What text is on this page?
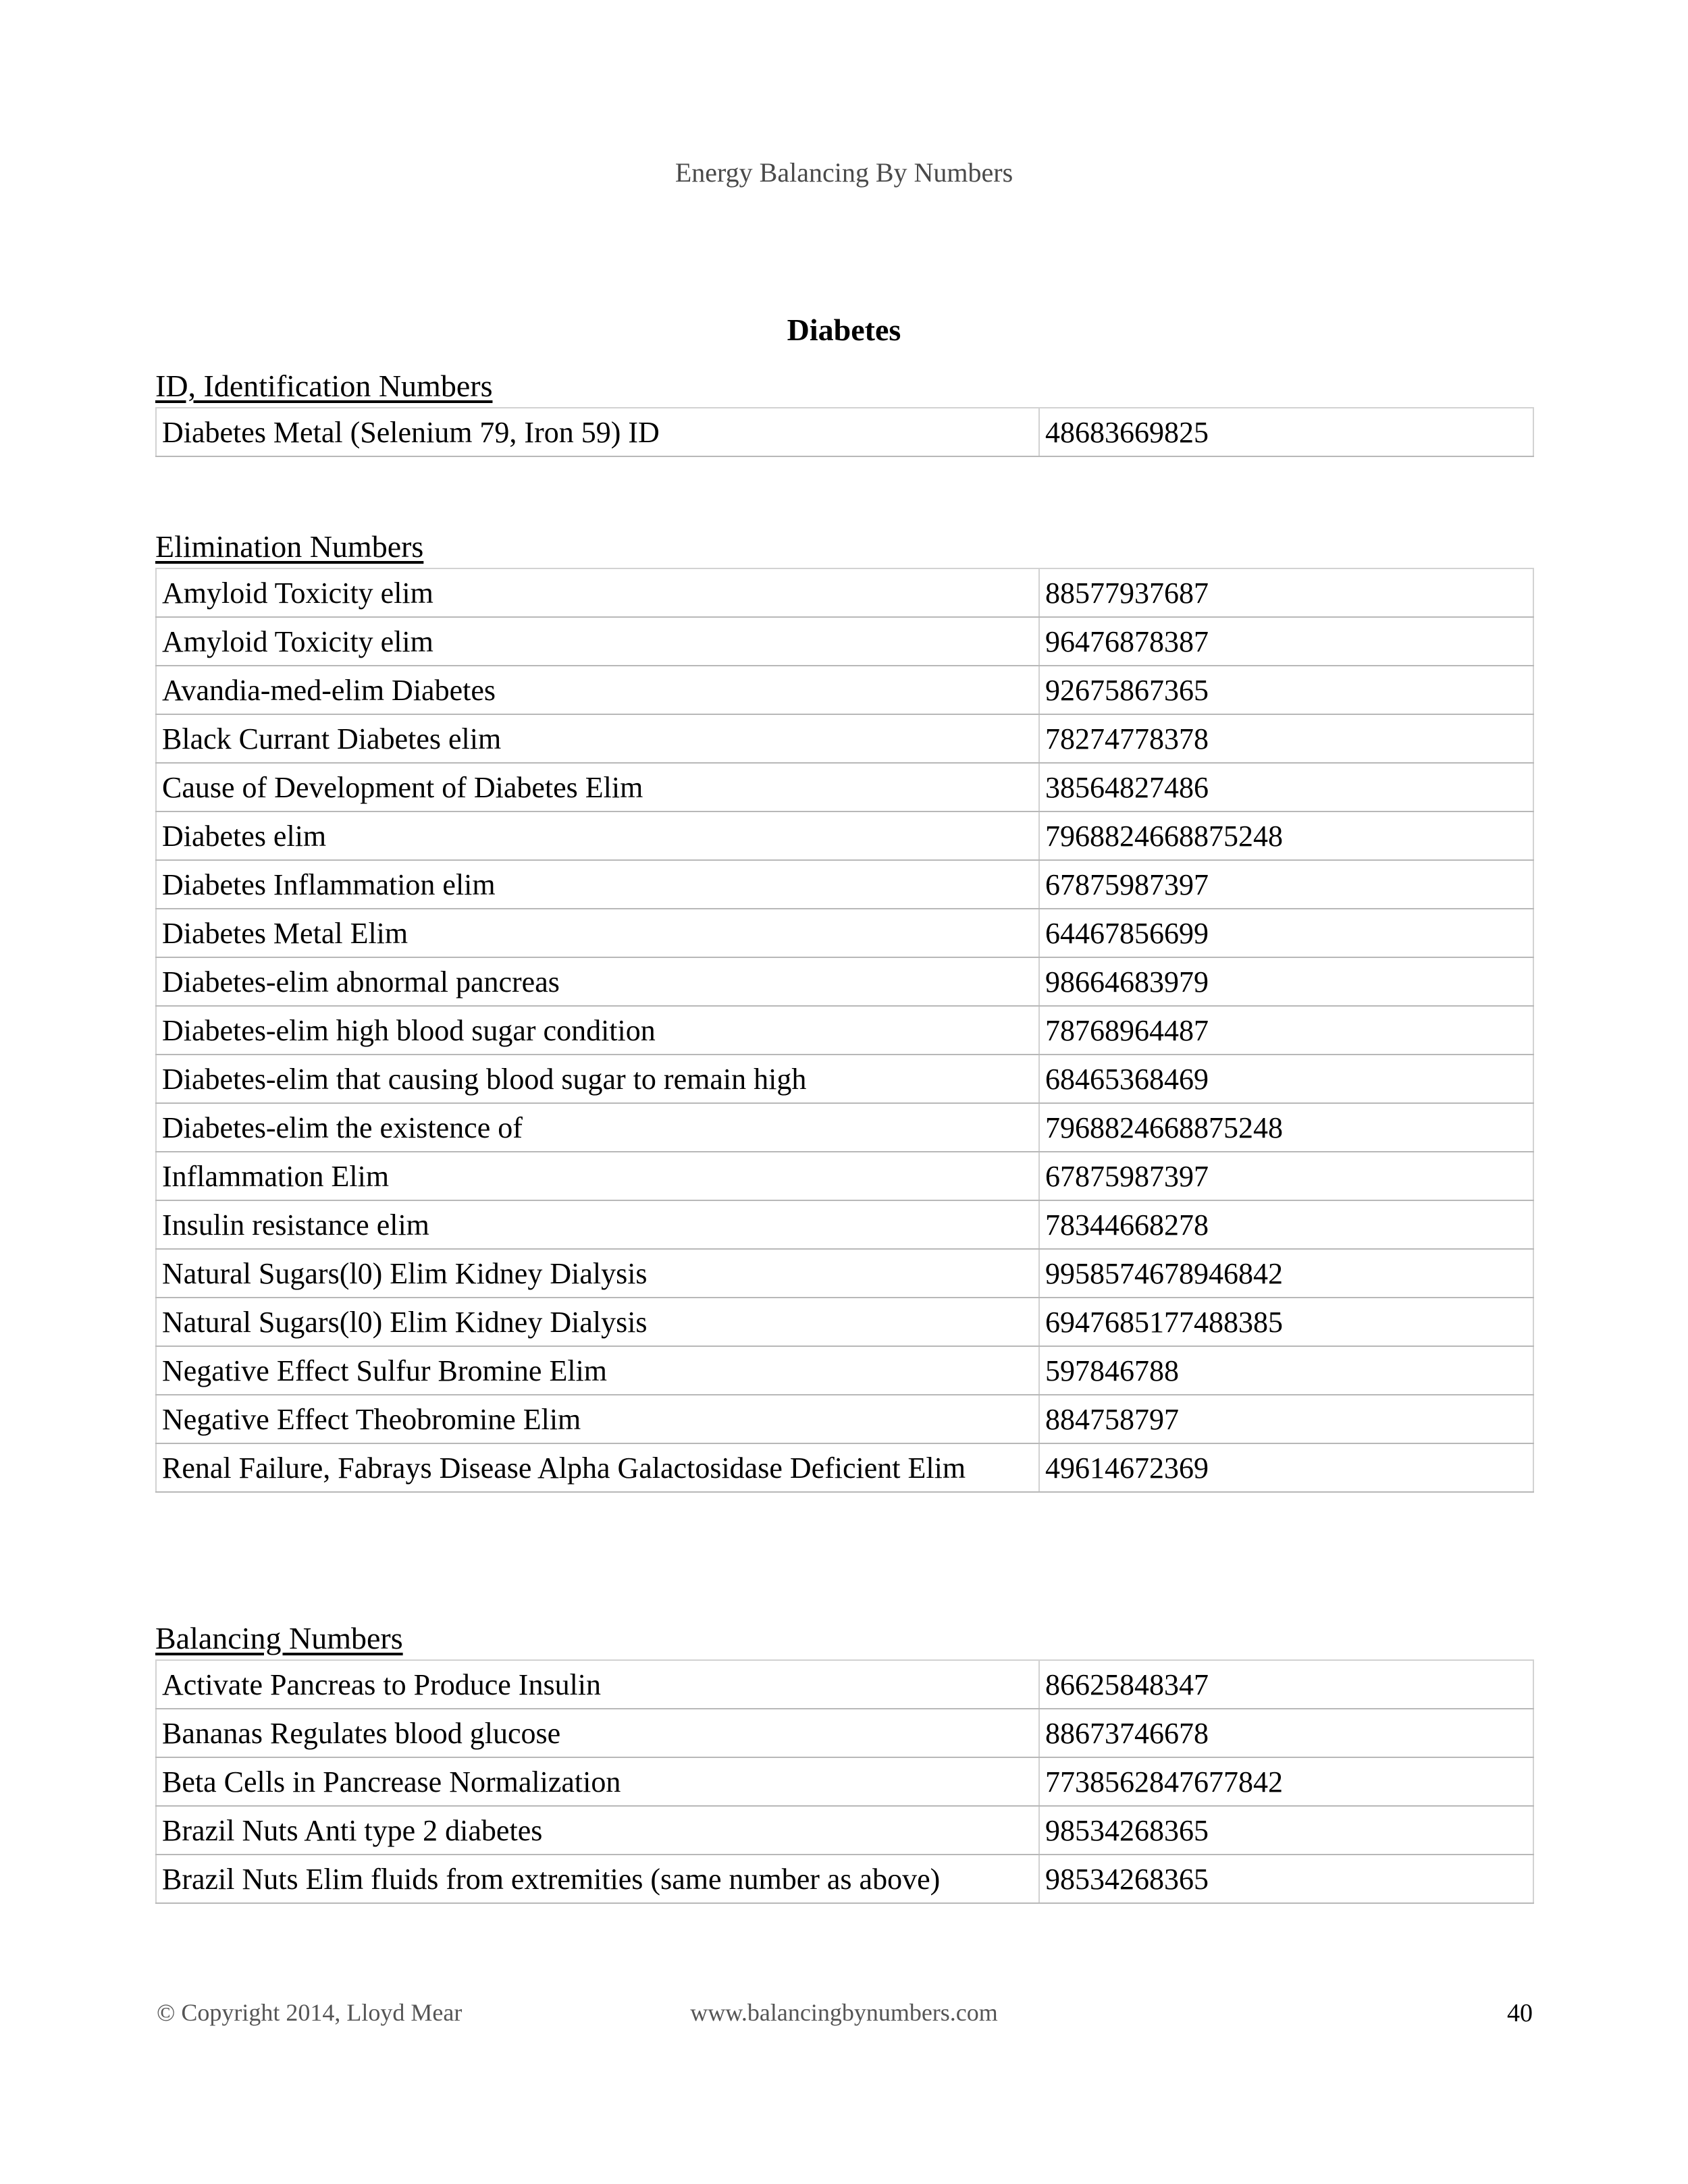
Energy Balancing By Numbers
Diabetes
ID, Identification Numbers
Diabetes Metal (Selenium 79, Iron 59) ID	48683669825
Elimination Numbers
Amyloid Toxicity elim	88577937687
Amyloid Toxicity elim	96476878387
Avandia-med-elim Diabetes	92675867365
Black Currant Diabetes elim	78274778378
Cause of Development of Diabetes Elim	38564827486
Diabetes elim	7968824668875248
Diabetes Inflammation elim	67875987397
Diabetes Metal Elim	64467856699
Diabetes-elim abnormal pancreas	98664683979
Diabetes-elim high blood sugar condition	78768964487
Diabetes-elim that causing blood sugar to remain high	68465368469
Diabetes-elim the existence of	7968824668875248
Inflammation Elim	67875987397
Insulin resistance elim	78344668278
Natural Sugars(l0) Elim Kidney Dialysis	9958574678946842
Natural Sugars(l0) Elim Kidney Dialysis	6947685177488385
Negative Effect Sulfur Bromine Elim	597846788
Negative Effect Theobromine Elim	884758797
Renal Failure, Fabrays Disease Alpha Galactosidase Deficient Elim	49614672369
Balancing Numbers
Activate Pancreas to Produce Insulin	86625848347
Bananas Regulates blood glucose	88673746678
Beta Cells in Pancrease Normalization	7738562847677842
Brazil Nuts Anti type 2 diabetes	98534268365
Brazil Nuts Elim fluids from extremities (same number as above)	98534268365
www.balancingbynumbers.com
© Copyright 2014, Lloyd Mear	40
